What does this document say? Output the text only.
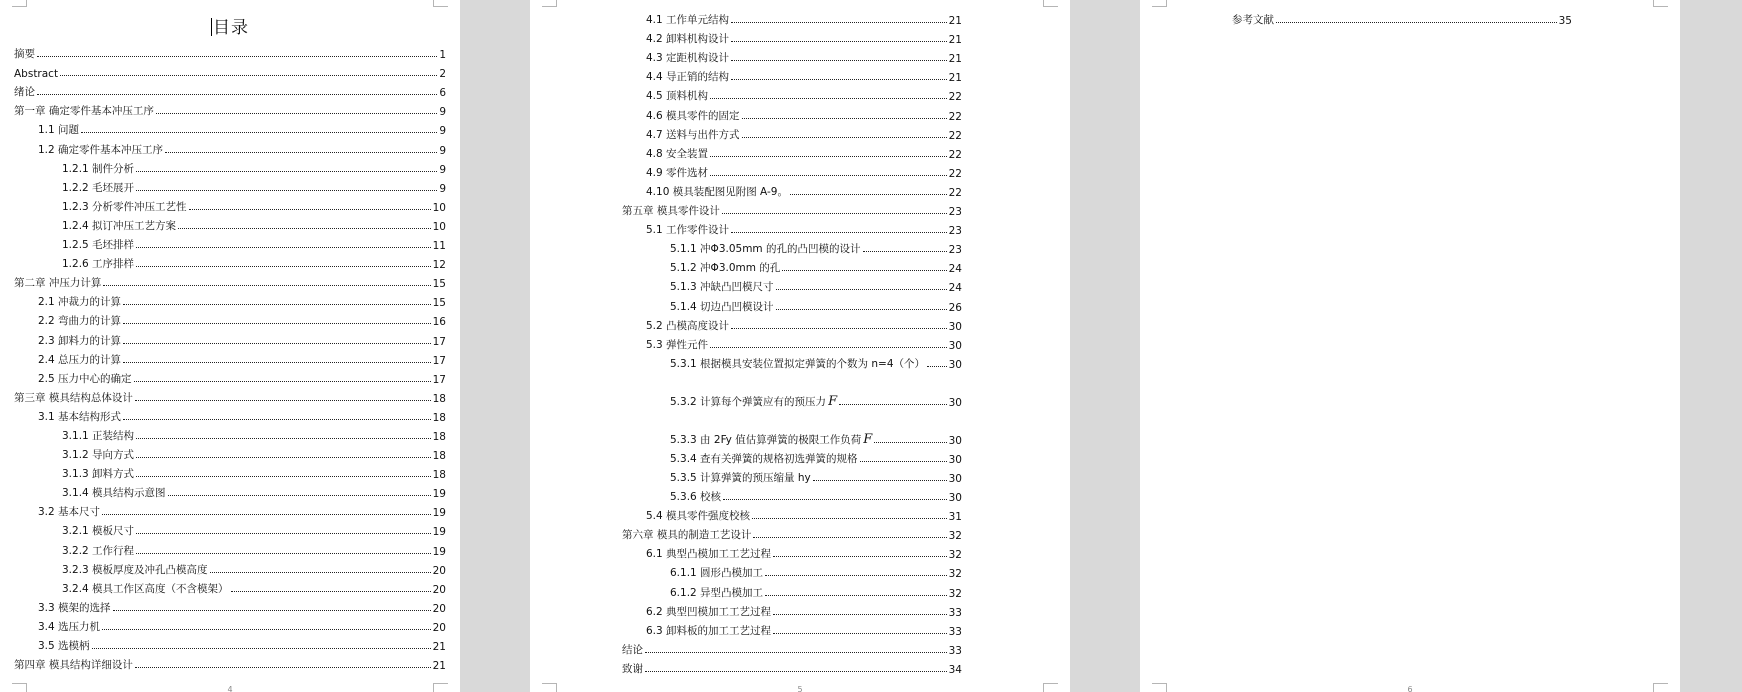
目录
摘要	1
Abstract	2
绪论	6
第一章 确定零件基本冲压工序	9
1.1 问题	9
1.2 确定零件基本冲压工序	9
1.2.1 制件分析	9
1.2.2 毛坯展开	9
1.2.3 分析零件冲压工艺性	10
1.2.4 拟订冲压工艺方案	10
1.2.5 毛坯排样	11
1.2.6 工序排样	12
第二章 冲压力计算	15
2.1 冲裁力的计算	15
2.2 弯曲力的计算	16
2.3 卸料力的计算	17
2.4 总压力的计算	17
2.5 压力中心的确定	17
第三章 模具结构总体设计	18
3.1 基本结构形式	18
3.1.1 正装结构	18
3.1.2 导向方式	18
3.1.3 卸料方式	18
3.1.4 模具结构示意图	19
3.2 基本尺寸	19
3.2.1 模板尺寸	19
3.2.2 工作行程	19
3.2.3 模板厚度及冲孔凸模高度	20
3.2.4 模具工作区高度（不含模架）	20
3.3 模架的选择	20
3.4 选压力机	20
3.5 选模柄	21
第四章 模具结构详细设计	21
4
4.1 工作单元结构	21
4.2 卸料机构设计	21
4.3 定距机构设计	21
4.4 导正销的结构	21
4.5 顶料机构	22
4.6 模具零件的固定	22
4.7 送料与出件方式	22
4.8 安全装置	22
4.9 零件选材	22
4.10 模具装配图见附图 A-9。	22
第五章 模具零件设计	23
5.1 工作零件设计	23
5.1.1 冲Φ3.05mm 的孔的凸凹模的设计	23
5.1.2 冲Φ3.0mm 的孔	24
5.1.3 冲缺凸凹模尺寸	24
5.1.4 切边凸凹模设计	26
5.2 凸模高度设计	30
5.3 弹性元件	30
5.3.1 根据模具安装位置拟定弹簧的个数为 n=4（个） 30
5.3.2 计算每个弹簧应有的预压力 F	30
5.3.3 由 2Fy 值估算弹簧的极限工作负荷 F	30
5.3.4 查有关弹簧的规格初选弹簧的规格	30
5.3.5 计算弹簧的预压缩量 hy	30
5.3.6 校核	30
5.4 模具零件强度校核	31
第六章 模具的制造工艺设计	32
6.1 典型凸模加工工艺过程	32
6.1.1 圆形凸模加工	32
6.1.2 异型凸模加工	32
6.2 典型凹模加工工艺过程	33
6.3 卸料板的加工工艺过程	33
结论	33
致谢	34
5
参考文献	35
6
